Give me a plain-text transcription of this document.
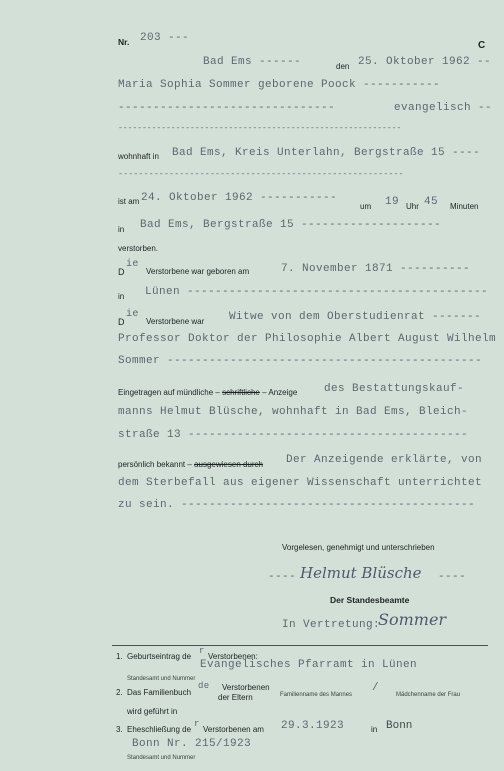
Nr. 203 ---
C
Bad Ems ------	den 25. Oktober 1962 --
Maria Sophia Sommer geborene Poock -----------
-------------------------------	evangelisch --
-----------------------------------------------------------
wohnhaft in Bad Ems, Kreis Unterlahn, Bergstraße 15 ----
--------------------------------------------------------
ist am 24. Oktober 1962 -----------
um 19 Uhr 45 Minuten
in Bad Ems, Bergstraße 15 --------------------
verstorben.
D
ie
Verstorbene war geboren am	7. November 1871 ----------
in Lünen -------------------------------------------
D
ie
Verstorbene war Witwe von dem Oberstudienrat -------
Professor Doktor der Philosophie Albert August Wilhelm
Sommer ---------------------------------------------
Eingetragen auf mündliche – schriftliche – Anzeige des Bestattungskauf-
manns Helmut Blüsche, wohnhaft in Bad Ems, Bleich-
straße 13 ----------------------------------------
persönlich bekannt – ausgewiesen durch Der Anzeigende erklärte, von
dem Sterbefall aus eigener Wissenschaft unterrichtet
zu sein. ------------------------------------------
Vorgelesen, genehmigt und unterschrieben
---- Helmut Blüsche ----
Der Standesbeamte
In Vertretung:
Sommer
1. Geburtseintrag de
r
Verstorbenen:
Evangelisches Pfarramt in Lünen
Standesamt und Nummer
2. Das Familienbuch
de Verstorbenen
der Eltern	Familienname des Mannes
/
Mädchenname der Frau
wird geführt in
3. Eheschließung de
r
Verstorbenen am 29.3.1923	in Bonn
Bonn Nr. 215/1923
Standesamt und Nummer
